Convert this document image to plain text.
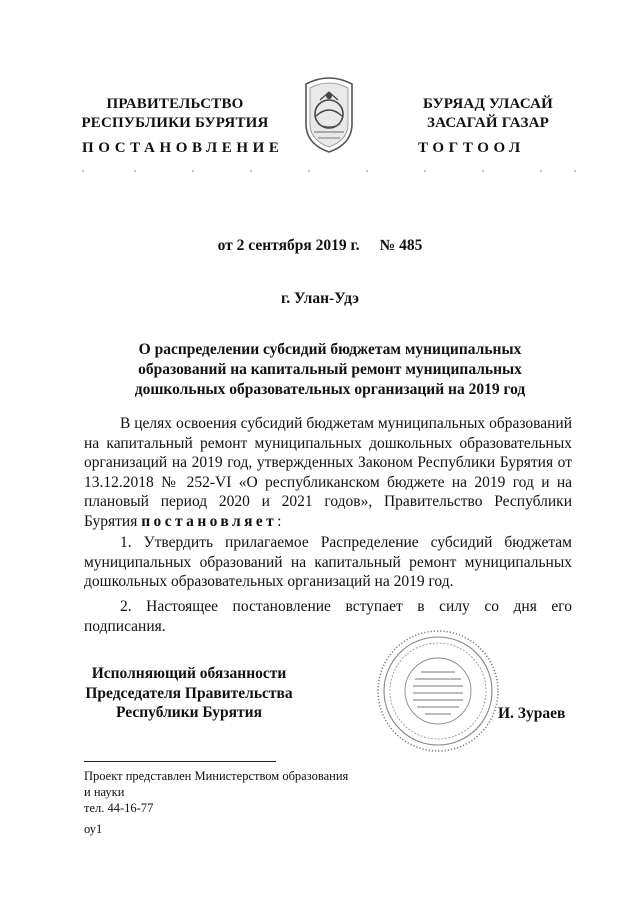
ПРАВИТЕЛЬСТВО
РЕСПУБЛИКИ БУРЯТИЯ
БУРЯАД УЛАСАЙ
ЗАСАГАЙ ГАЗАР
ПОСТАНОВЛЕНИЕ	ТОГТООЛ
от 2 сентября 2019 г. № 485
г. Улан-Удэ
О распределении субсидий бюджетам муниципальных
образований на капитальный ремонт муниципальных
дошкольных образовательных организаций на 2019 год
В целях освоения субсидий бюджетам муниципальных образований на капитальный ремонт муниципальных дошкольных образовательных организаций на 2019 год, утвержденных Законом Республики Бурятия от 13.12.2018 № 252-VI «О республиканском бюджете на 2019 год и на плановый период 2020 и 2021 годов», Правительство Республики Бурятия постановляет:
1. Утвердить прилагаемое Распределение субсидий бюджетам муниципальных образований на капитальный ремонт муниципальных дошкольных образовательных организаций на 2019 год.
2. Настоящее постановление вступает в силу со дня его подписания.
Исполняющий обязанности
Председателя Правительства
Республики Бурятия	И. Зураев
Проект представлен Министерством образования
и науки
тел. 44-16-77
оу1
